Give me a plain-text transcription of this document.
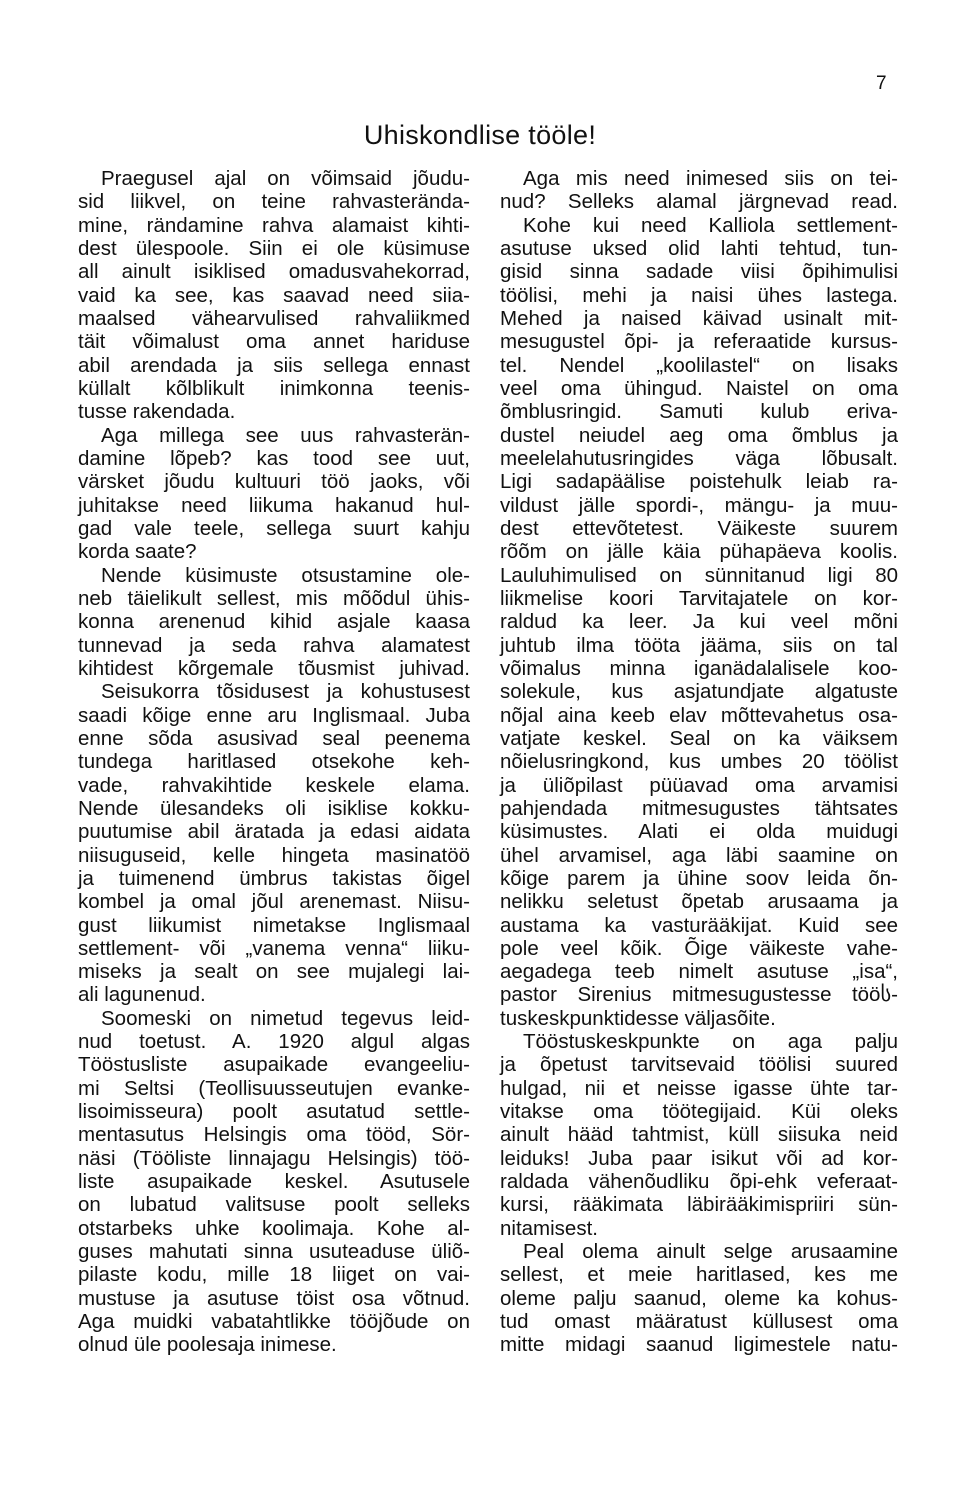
7
Uhiskondlise tööle!
Praegusel ajal on võimsaid jõudu-
sid liikvel, on teine rahvasterända-
mine, rändamine rahva alamaist kihti-
dest ülespoole. Siin ei ole küsimuse
all ainult isiklised omadusvahekorrad,
vaid ka see, kas saavad need siia-
maalsed vähearvulised rahvaliikmed
täit võimalust oma annet hariduse
abil arendada ja siis sellega ennast
küllalt kõlblikult inimkonna teenis-
tusse rakendada.
Aga millega see uus rahvasterän-
damine lõpeb? kas tood see uut,
värsket jõudu kultuuri töö jaoks, või
juhitakse need liikuma hakanud hul-
gad vale teele, sellega suurt kahju
korda saate?
Nende küsimuste otsustamine ole-
neb täielikult sellest, mis mõõdul ühis-
konna arenenud kihid asjale kaasa
tunnevad ja seda rahva alamatest
kihtidest kõrgemale tõusmist juhivad.
Seisukorra tõsidusest ja kohustusest
saadi kõige enne aru Inglismaal. Juba
enne sõda asusivad seal peenema
tundega haritlased otsekohe keh-
vade, rahvakihtide keskele elama.
Nende ülesandeks oli isiklise kokku-
puutumise abil äratada ja edasi aidata
niisuguseid, kelle hingeta masinatöö
ja tuimenend ümbrus takistas õigel
kombel ja omal jõul arenemast. Niisu-
gust liikumist nimetakse Inglismaal
settlement- või „vanema venna“ liiku-
miseks ja sealt on see mujalegi lai-
ali lagunenud.
Soomeski on nimetud tegevus leid-
nud toetust. A. 1920 algul algas
Tööstusliste asupaikade evangeeliu-
mi Seltsi (Teollisuusseutujen evanke-
lisoimisseura) poolt asutatud settle-
mentasutus Helsingis oma tööd, Sör-
näsi (Tööliste linnajagu Helsingis) töö-
liste asupaikade keskel. Asutusele
on lubatud valitsuse poolt selleks
otstarbeks uhke koolimaja. Kohe al-
guses mahutati sinna usuteaduse üliõ-
pilaste kodu, mille 18 liiget on vai-
mustuse ja asutuse töist osa võtnud.
Aga muidki vabatahtlikke tööjõude on
olnud üle poolesaja inimese.
Aga mis need inimesed siis on tei-
nud? Selleks alamal järgnevad read.
Kohe kui need Kalliola settlement-
asutuse uksed olid lahti tehtud, tun-
gisid sinna sadade viisi õpihimulisi
töölisi, mehi ja naisi ühes lastega.
Mehed ja naised käivad usinalt mit-
mesugustel õpi- ja referaatide kursus-
tel. Nendel „koolilastel“ on lisaks
veel oma ühingud. Naistel on oma
õmblusringid. Samuti kulub eriva-
dustel neiudel aeg oma õmblus ja
meelelahutusringides väga lõbusalt.
Ligi sadapäälise poistehulk leiab ra-
vildust jälle spordi-, mängu- ja muu-
dest ettevõtetest. Väikeste suurem
rõõm on jälle käia pühapäeva koolis.
Lauluhimulised on sünnitanud ligi 80
liikmelise koori Tarvitajatele on kor-
raldud ka leer. Ja kui veel mõni
juhtub ilma tööta jääma, siis on tal
võimalus minna iganädalalisele koo-
solekule, kus asjatundjate algatuste
nõjal aina keeb elav mõttevahetus osa-
vatjate keskel. Seal on ka väiksem
nõielusringkond, kus umbes 20 töölist
ja üliõpilast püüavad oma arvamisi
pahjendada mitmesugustes tähtsates
küsimustes. Alati ei olda muidugi
ühel arvamisel, aga läbi saamine on
kõige parem ja ühine soov leida õn-
nelikku seletust õpetab arusaama ja
austama ka vasturääkijat. Kuid see
pole veel kõik. Õige väikeste vahe-
aegadega teeb nimelt asutuse „isa“,
pastor Sirenius mitmesugustesse tööს-
tuskeskpunktidesse väljasõite.
Tööstuskeskpunkte on aga palju
ja õpetust tarvitsevaid töölisi suured
hulgad, nii et neisse igasse ühte tar-
vitakse oma töötegijaid. Küi oleks
ainult hääd tahtmist, küll siisuka neid
leiduks! Juba paar isikut või ad kor-
raldada vähenõudliku õpi-ehk veferaat-
kursi, rääkimata läbirääkimispriiri sün-
nitamisest.
Peal olema ainult selge arusaamine
sellest, et meie haritlased, kes me
oleme palju saanud, oleme ka kohus-
tud omast määratust küllusest oma
mitte midagi saanud ligimestele natu-
